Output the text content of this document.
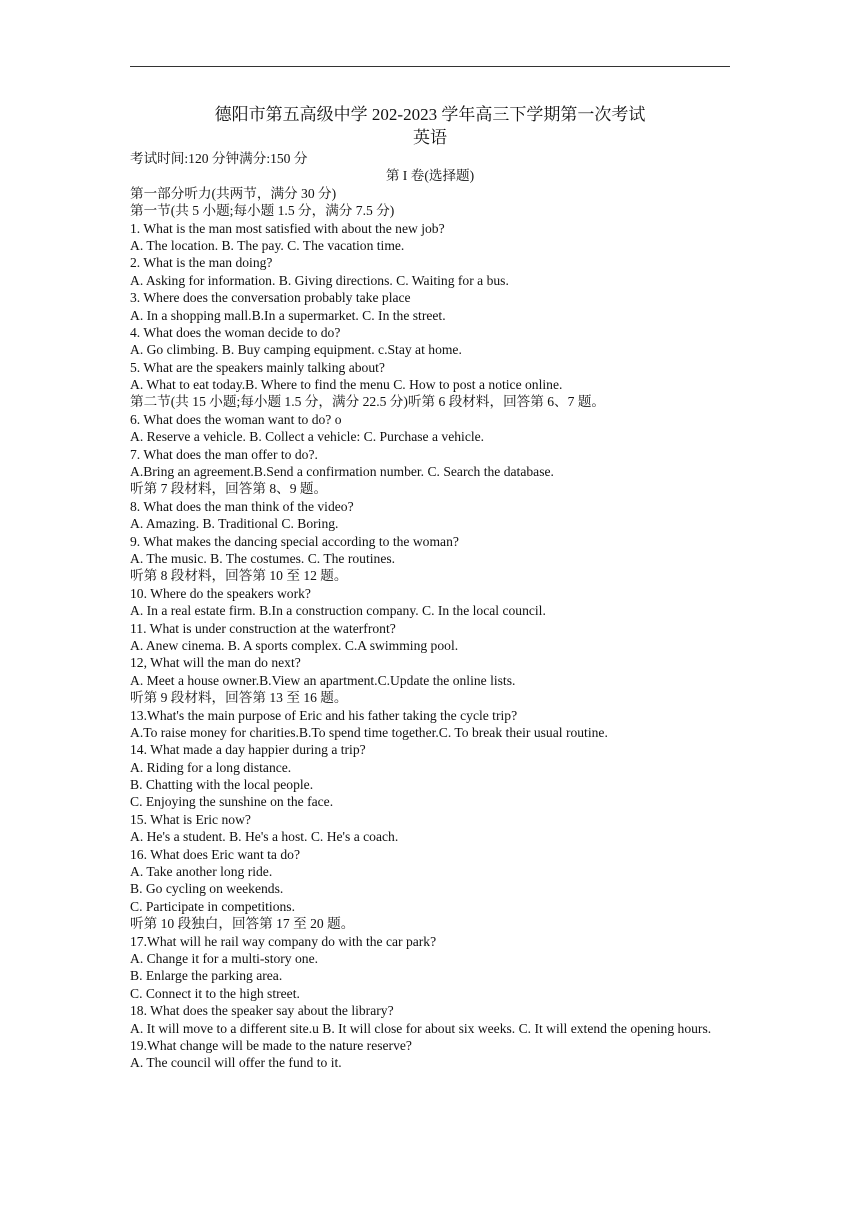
德阳市第五高级中学 202-2023 学年高三下学期第一次考试
英语
考试时间:120 分钟满分:150 分
第 I 卷(选择题)
第一部分听力(共两节，满分 30 分)
第一节(共 5 小题;每小题 1.5 分，满分 7.5 分)
1. What is the man most satisfied with about the new job?
A. The location. B. The pay. C. The vacation time.
2. What is the man doing?
A. Asking for information. B. Giving directions. C. Waiting for a bus.
3. Where does the conversation probably take place
A. In a shopping mall.B.In a supermarket. C. In the street.
4. What does the woman decide to do?
A. Go climbing. B. Buy camping equipment. c.Stay at home.
5. What are the speakers mainly talking about?
A. What to eat today.B. Where to find the menu C. How to post a notice online.
第二节(共 15 小题;每小题 1.5 分，满分 22.5 分)听第 6 段材料，回答第 6、7 题。
6. What does the woman want to do? o
A. Reserve a vehicle. B. Collect a vehicle: C. Purchase a vehicle.
7. What does the man offer to do?.
A.Bring an agreement.B.Send a confirmation number. C. Search the database.
听第 7 段材料，回答第 8、9 题。
8. What does the man think of the video?
A. Amazing. B. Traditional C. Boring.
9. What makes the dancing special according to the woman?
A. The music. B. The costumes. C. The routines.
听第 8 段材料，回答第 10 至 12 题。
10. Where do the speakers work?
A. In a real estate firm. B.In a construction company. C. In the local council.
11. What is under construction at the waterfront?
A. Anew cinema. B. A sports complex. C.A swimming pool.
12, What will the man do next?
A. Meet a house owner.B.View an apartment.C.Update the online lists.
听第 9 段材料，回答第 13 至 16 题。
13.What's the main purpose of Eric and his father taking the cycle trip?
A.To raise money for charities.B.To spend time together.C. To break their usual routine.
14. What made a day happier during a trip?
A. Riding for a long distance.
B. Chatting with the local people.
C. Enjoying the sunshine on the face.
15. What is Eric now?
A. He's a student. B. He's a host. C. He's a coach.
16. What does Eric want ta do?
A. Take another long ride.
B. Go cycling on weekends.
C. Participate in competitions.
听第 10 段独白，回答第 17 至 20 题。
17.What will he rail way company do with the car park?
A. Change it for a multi-story one.
B. Enlarge the parking area.
C. Connect it to the high street.
18. What does the speaker say about the library?
A. It will move to a different site.u B. It will close for about six weeks. C. It will extend the opening hours.
19.What change will be made to the nature reserve?
A. The council will offer the fund to it.
